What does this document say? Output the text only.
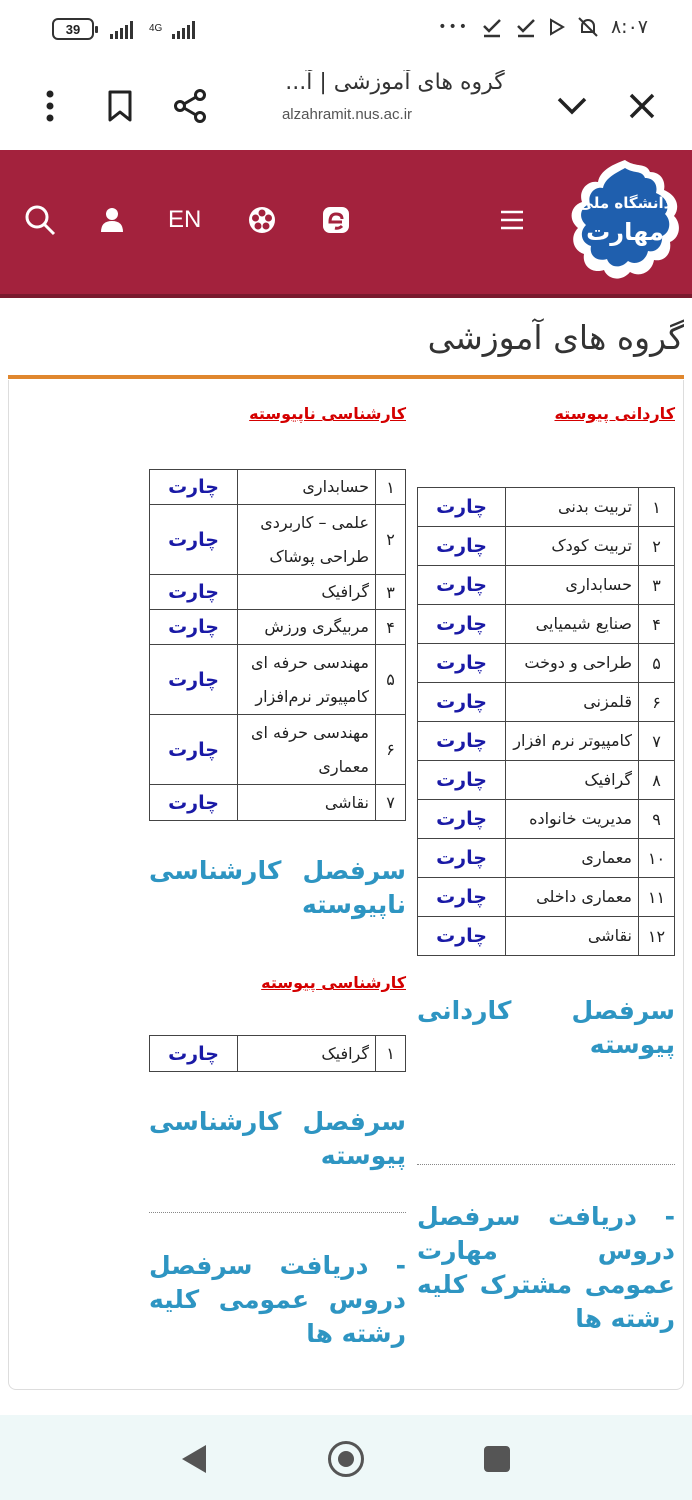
39	4G	•••	۸:۰۷
گروه های آموزشی | آ...
alzahramit.nus.ac.ir
EN
دانشگاه ملی
مهارت
گروه های آموزشی
کاردانی پیوسته
۱	تربیت بدنی	چارت
۲	تربیت کودک	چارت
۳	حسابداری	چارت
۴	صنایع شیمیایی	چارت
۵	طراحی و دوخت	چارت
۶	قلمزنی	چارت
۷	کامپیوتر نرم افزار	چارت
۸	گرافیک	چارت
۹	مدیریت خانواده	چارت
۱۰	معماری	چارت
۱۱	معماری داخلی	چارت
۱۲	نقاشی	چارت
سرفصل کاردانی پیوسته
- دریافت سرفصل دروس مهارت عمومی مشترک کلیه رشته ها
کارشناسی ناپیوسته
۱	حسابداری	چارت
۲	علمی – کاربردی طراحی پوشاک	چارت
۳	گرافیک	چارت
۴	مربیگری ورزش	چارت
۵	مهندسی حرفه ای کامپیوتر نرم‌افزار	چارت
۶	مهندسی حرفه ای معماری	چارت
۷	نقاشی	چارت
سرفصل کارشناسی ناپیوسته
کارشناسی پیوسته
۱	گرافیک	چارت
سرفصل کارشناسی پیوسته
- دریافت سرفصل دروس عمومی کلیه رشته ها
